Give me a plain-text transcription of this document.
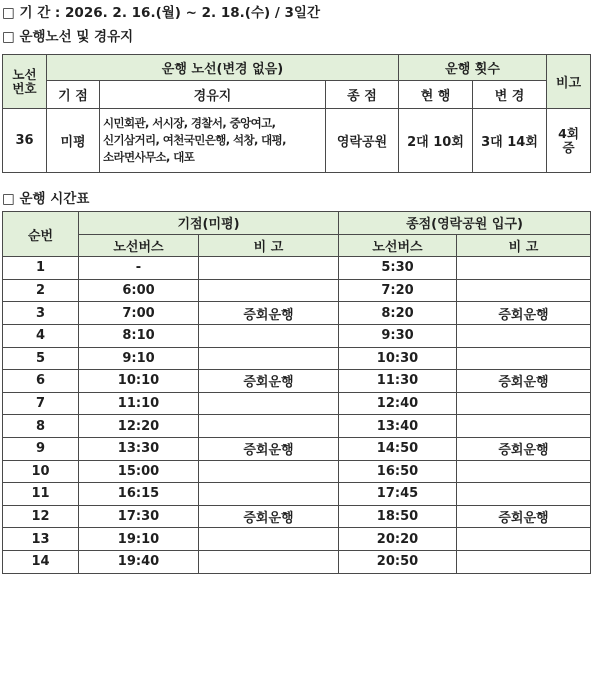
□ 기 간 : 2026. 2. 16.(월) ~ 2. 18.(수) / 3일간
□ 운행노선 및 경유지
노선
번호	운행 노선(변경 없음)			운행 횟수		비고
	기 점	경유지	종 점	현 행	변 경	
36	미평	시민회관, 서시장, 경찰서, 중앙여고,
신기삼거리, 여천국민은행, 석창, 대평,
소라면사무소, 대포	영락공원	2대 10회	3대 14회	4회
증
□ 운행 시간표
순번	기점(미평)		종점(영락공원 입구)	
	노선버스	비 고	노선버스	비 고
1	-		5:30	
2	6:00		7:20	
3	7:00	증회운행	8:20	증회운행
4	8:10		9:30	
5	9:10		10:30	
6	10:10	증회운행	11:30	증회운행
7	11:10		12:40	
8	12:20		13:40	
9	13:30	증회운행	14:50	증회운행
10	15:00		16:50	
11	16:15		17:45	
12	17:30	증회운행	18:50	증회운행
13	19:10		20:20	
14	19:40		20:50	
